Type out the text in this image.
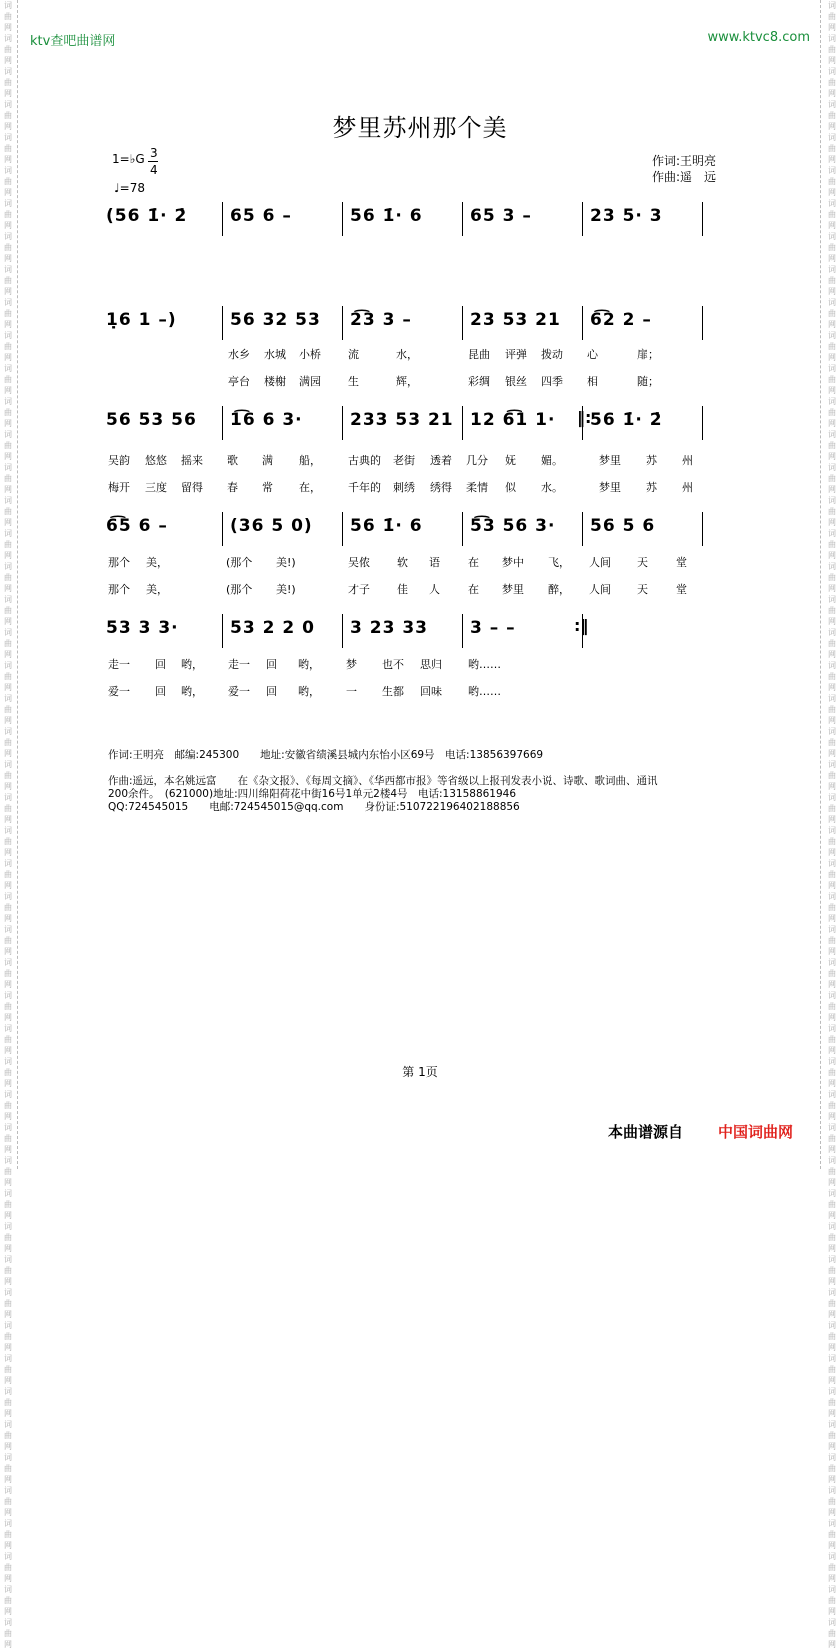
词曲网词曲网词曲网词曲网词曲网词曲网词曲网词曲网词曲网词曲网词曲网词曲网词曲网词曲网词曲网词曲网词曲网词曲网词曲网词曲网词曲网词曲网词曲网词曲网词曲网词曲网词曲网词曲网词曲网词曲网词曲网词曲网词曲网词曲网词曲网词曲网词曲网词曲网词曲网词曲网词曲网词曲网词曲网词曲网词曲网词曲网词曲网词曲网词曲网词曲网
词曲网词曲网词曲网词曲网词曲网词曲网词曲网词曲网词曲网词曲网词曲网词曲网词曲网词曲网词曲网词曲网词曲网词曲网词曲网词曲网词曲网词曲网词曲网词曲网词曲网词曲网词曲网词曲网词曲网词曲网词曲网词曲网词曲网词曲网词曲网词曲网词曲网词曲网词曲网词曲网词曲网词曲网词曲网词曲网词曲网词曲网词曲网词曲网词曲网词曲网
ktv查吧曲谱网	www.ktvc8.com
梦里苏州那个美
1=♭G 3
4
♩=78
作词:王明亮
作曲:遥　远
(56 1̇· 2̇	65 6 –	56 1̇· 6	65 3 –	23 5· 3
1̣6 1 –)	56 32 53 2͡3 3 –	23 53 21 6͡2 2 –
56 53 56 1͡6 6 3·	233 53 21 12 6͡1 1· 56 1̇· 2̇
‖:
6͡5 6 –	(36 5 0) 56 1̇· 6	5͡3 56 3· 56 5 6
53 3 3·	53 2 2 0 3 23 33 3 – –	:‖
水乡 水城 小桥 流	水，	昆曲 评弹 拨动 心	扉；
亭台 楼榭 满园 生	辉，	彩绸 银丝 四季 相	随；
吴韵 悠悠 摇来 歌 满 船， 古典的 老街 透着 几分 妩 媚。	梦里 苏 州
梅开 三度 留得 春 常 在， 千年的 刺绣 绣得 柔情 似 水。	梦里 苏 州
那个 美，	(那个 美!)	吴侬 软 语	在 梦中 飞， 人间 天	堂
那个 美，	(那个 美!)	才子 佳 人	在 梦里 醉， 人间 天	堂
走一 回 哟， 走一 回 哟， 梦 也不 思归 哟……
爱一 回 哟， 爱一 回 哟， 一 生都 回味 哟……
作词:王明亮　邮编:245300　　地址:安徽省绩溪县城内东怡小区69号　电话:13856397669
作曲:遥远，本名姚远富　　在《杂文报》、《每周文摘》、《华西都市报》等省级以上报刊发表小说、诗歌、歌词曲、通讯
200余件。　(621000)地址:四川绵阳荷花中街16号1单元2楼4号　电话:13158861946
QQ:724545015　　电邮:724545015@qq.com　　身份证:510722196402188856
第 1页
本曲谱源自 中国词曲网
